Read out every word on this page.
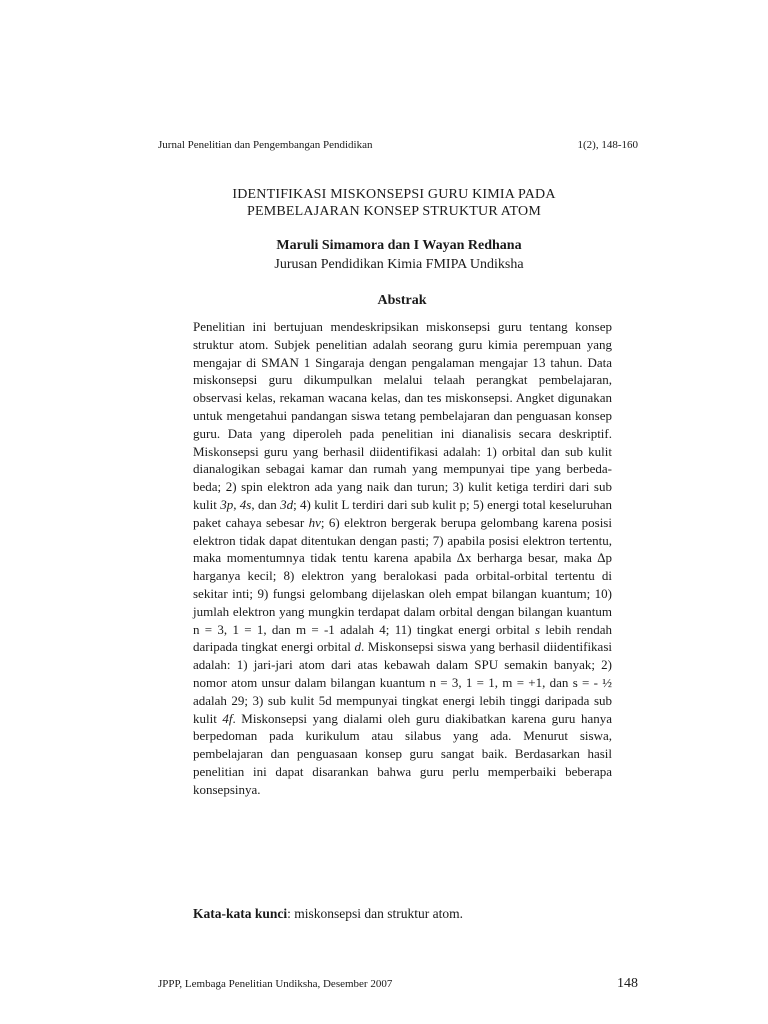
Jurnal Penelitian dan Pengembangan Pendidikan	1(2), 148-160
IDENTIFIKASI MISKONSEPSI GURU KIMIA PADA
PEMBELAJARAN KONSEP STRUKTUR ATOM
Maruli Simamora dan I Wayan Redhana
Jurusan Pendidikan Kimia FMIPA Undiksha
Abstrak
Penelitian ini bertujuan mendeskripsikan miskonsepsi guru tentang konsep struktur atom. Subjek penelitian adalah seorang guru kimia perempuan yang mengajar di SMAN 1 Singaraja dengan pengalaman mengajar 13 tahun. Data miskonsepsi guru dikumpulkan melalui telaah perangkat pembelajaran, observasi kelas, rekaman wacana kelas, dan tes miskonsepsi. Angket digunakan untuk mengetahui pandangan siswa tetang pembelajaran dan penguasan konsep guru. Data yang diperoleh pada penelitian ini dianalisis secara deskriptif. Miskonsepsi guru yang berhasil diidentifikasi adalah: 1) orbital dan sub kulit dianalogikan sebagai kamar dan rumah yang mempunyai tipe yang berbeda-beda; 2) spin elektron ada yang naik dan turun; 3) kulit ketiga terdiri dari sub kulit 3p, 4s, dan 3d; 4) kulit L terdiri dari sub kulit p; 5) energi total keseluruhan paket cahaya sebesar hv; 6) elektron bergerak berupa gelombang karena posisi elektron tidak dapat ditentukan dengan pasti; 7) apabila posisi elektron tertentu, maka momentumnya tidak tentu karena apabila ∆x berharga besar, maka ∆p harganya kecil; 8) elektron yang beralokasi pada orbital-orbital tertentu di sekitar inti; 9) fungsi gelombang dijelaskan oleh empat bilangan kuantum; 10) jumlah elektron yang mungkin terdapat dalam orbital dengan bilangan kuantum n = 3, 1 = 1, dan m = -1 adalah 4; 11) tingkat energi orbital s lebih rendah daripada tingkat energi orbital d. Miskonsepsi siswa yang berhasil diidentifikasi adalah: 1) jari-jari atom dari atas kebawah dalam SPU semakin banyak; 2) nomor atom unsur dalam bilangan kuantum n = 3, 1 = 1, m = +1, dan s = - ½ adalah 29; 3) sub kulit 5d mempunyai tingkat energi lebih tinggi daripada sub kulit 4f. Miskonsepsi yang dialami oleh guru diakibatkan karena guru hanya berpedoman pada kurikulum atau silabus yang ada. Menurut siswa, pembelajaran dan penguasaan konsep guru sangat baik. Berdasarkan hasil penelitian ini dapat disarankan bahwa guru perlu memperbaiki beberapa konsepsinya.
Kata-kata kunci: miskonsepsi dan struktur atom.
JPPP, Lembaga Penelitian Undiksha, Desember 2007	148
